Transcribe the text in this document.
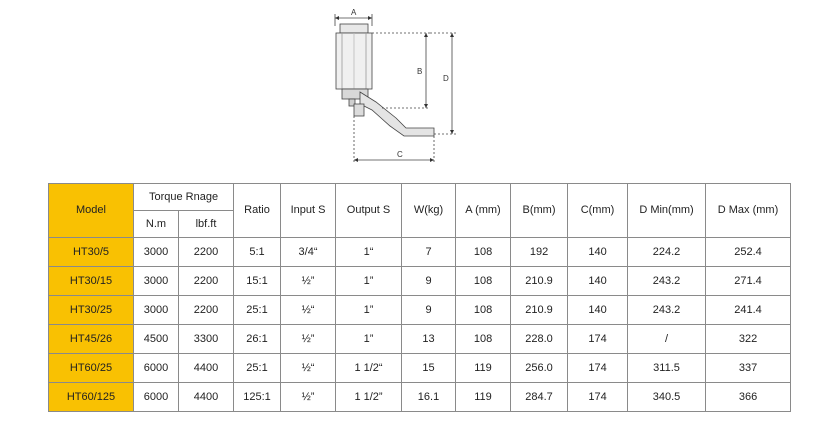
A
B
D
C
Model	Torque Rnage		Ratio	Input S	Output S	W(kg)	A (mm)	B(mm)	C(mm)	D Min(mm)	D Max (mm)
	N.m	lbf.ft									
HT30/5	3000	2200	5:1	3/4“	1“	7	108	192	140	224.2	252.4
HT30/15	3000	2200	15:1	½”	1”	9	108	210.9	140	243.2	271.4
HT30/25	3000	2200	25:1	½“	1”	9	108	210.9	140	243.2	241.4
HT45/26	4500	3300	26:1	½”	1”	13	108	228.0	174	/	322
HT60/25	6000	4400	25:1	½“	1 1/2“	15	119	256.0	174	311.5	337
HT60/125	6000	4400	125:1	½”	1 1/2”	16.1	119	284.7	174	340.5	366
